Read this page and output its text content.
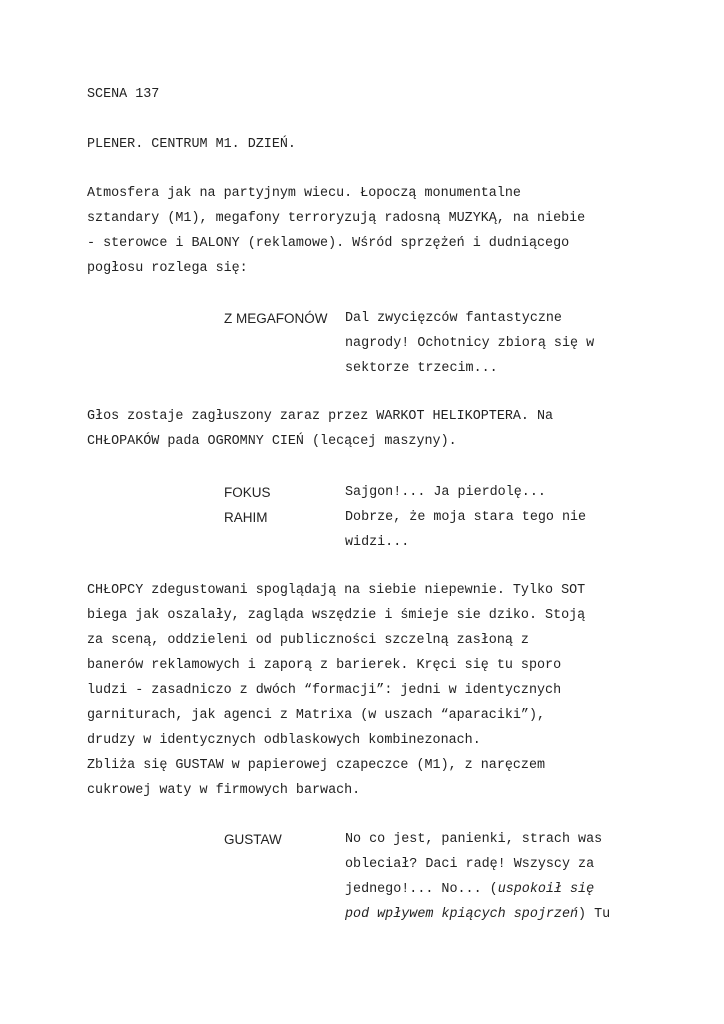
SCENA 137
PLENER. CENTRUM M1. DZIEŃ.
Atmosfera jak na partyjnym wiecu. Łopoczą monumentalne
sztandary (M1), megafony terroryzują radosną MUZYKĄ, na niebie
- sterowce i BALONY (reklamowe). Wśród sprzężeń i dudniącego
pogłosu rozlega się:
Z MEGAFONÓW Dal zwycięzców fantastyczne
nagrody! Ochotnicy zbiorą się w
sektorze trzecim...
Głos zostaje zagłuszony zaraz przez WARKOT HELIKOPTERA. Na
CHŁOPAKÓW pada OGROMNY CIEŃ (lecącej maszyny).
FOKUS	Sajgon!... Ja pierdolę...
RAHIM	Dobrze, że moja stara tego nie
widzi...
CHŁOPCY zdegustowani spoglądają na siebie niepewnie. Tylko SOT
biega jak oszalały, zagląda wszędzie i śmieje sie dziko. Stoją
za sceną, oddzieleni od publiczności szczelną zasłoną z
banerów reklamowych i zaporą z barierek. Kręci się tu sporo
ludzi - zasadniczo z dwóch “formacji”: jedni w identycznych
garniturach, jak agenci z Matrixa (w uszach “aparaciki”),
drudzy w identycznych odblaskowych kombinezonach.
Zbliża się GUSTAW w papierowej czapeczce (M1), z naręczem
cukrowej waty w firmowych barwach.
GUSTAW	No co jest, panienki, strach was
obleciał? Daci radę! Wszyscy za
jednego!... No... (uspokoił się
pod wpływem kpiących spojrzeń) Tu
